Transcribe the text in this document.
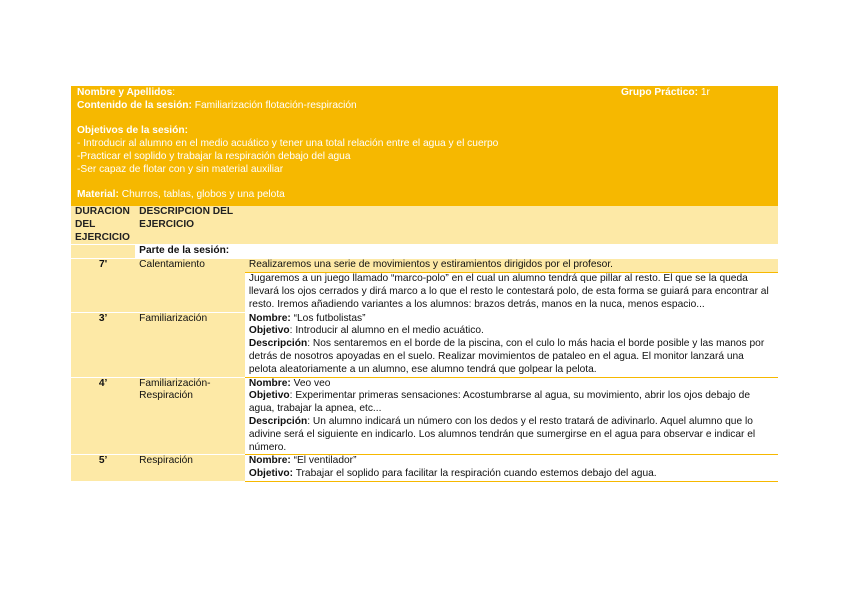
Nombre y Apellidos:	Grupo Práctico: 1r
Contenido de la sesión: Familiarización flotación-respiración
Objetivos de la sesión:
- Introducir al alumno en el medio acuático y tener una total relación entre el agua y el cuerpo
-Practicar el soplido y trabajar la respiración debajo del agua
-Ser capaz de flotar con y sin material auxiliar
Material: Churros, tablas, globos y una pelota
DURACIÓN DEL EJERCICIO	DESCRIPCIÓN DEL EJERCICIO	
	Parte de la sesión:	
7'	Calentamiento	Realizaremos una serie de movimientos y estiramientos dirigidos por el profesor.
Jugaremos a un juego llamado “marco-polo” en el cual un alumno tendrá que pillar al resto. El que se la queda llevará los ojos cerrados y dirá marco a lo que el resto le contestará polo, de esta forma se guiará para encontrar al resto. Iremos añadiendo variantes a los alumnos: brazos detrás, manos en la nuca, menos espacio...

3’	Familiarización	Nombre: “Los futbolistas”
Objetivo: Introducir al alumno en el medio acuático.
Descripción: Nos sentaremos en el borde de la piscina, con el culo lo más hacia el borde posible y las manos por detrás de nosotros apoyadas en el suelo. Realizar movimientos de pataleo en el agua. El monitor lanzará una pelota aleatoriamente a un alumno, ese alumno tendrá que golpear la pelota.

4’	Familiarización-Respiración	Nombre: Veo veo
Objetivo: Experimentar primeras sensaciones: Acostumbrarse al agua, su movimiento, abrir los ojos debajo de agua, trabajar la apnea, etc...
Descripción: Un alumno indicará un número con los dedos y el resto tratará de adivinarlo. Aquel alumno que lo adivine será el siguiente en indicarlo. Los alumnos tendrán que sumergirse en el agua para observar e indicar el número.

5’	Respiración	Nombre: “El ventilador”
Objetivo: Trabajar el soplido para facilitar la respiración cuando estemos debajo del agua.
